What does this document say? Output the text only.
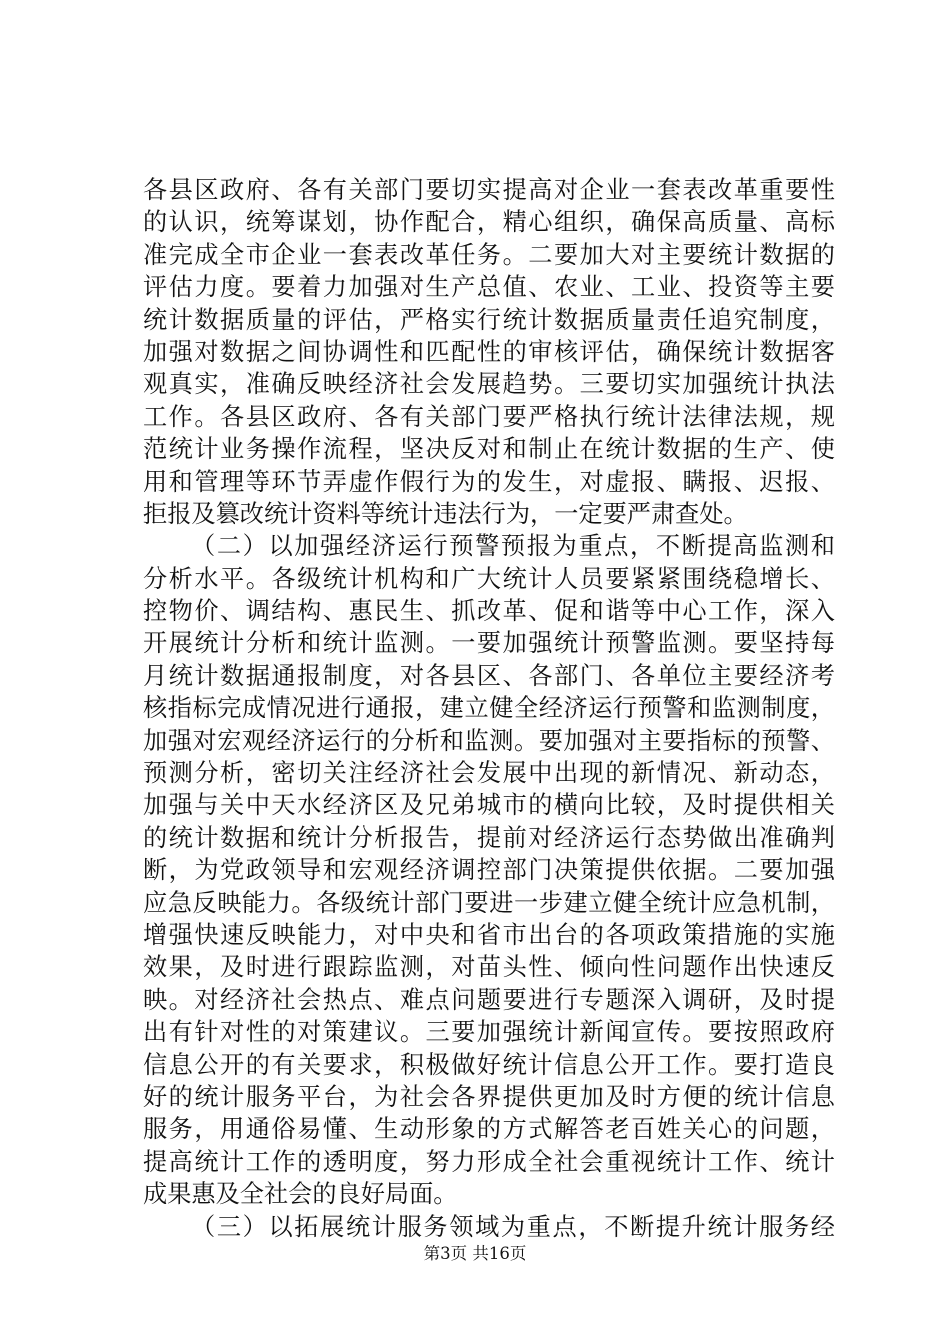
各县区政府、各有关部门要切实提高对企业一套表改革重要性
的认识，统筹谋划，协作配合，精心组织，确保高质量、高标
准完成全市企业一套表改革任务。二要加大对主要统计数据的
评估力度。要着力加强对生产总值、农业、工业、投资等主要
统计数据质量的评估，严格实行统计数据质量责任追究制度，
加强对数据之间协调性和匹配性的审核评估，确保统计数据客
观真实，准确反映经济社会发展趋势。三要切实加强统计执法
工作。各县区政府、各有关部门要严格执行统计法律法规，规
范统计业务操作流程，坚决反对和制止在统计数据的生产、使
用和管理等环节弄虚作假行为的发生，对虚报、瞒报、迟报、
拒报及篡改统计资料等统计违法行为，一定要严肃查处。
（二）以加强经济运行预警预报为重点，不断提高监测和
分析水平。各级统计机构和广大统计人员要紧紧围绕稳增长、
控物价、调结构、惠民生、抓改革、促和谐等中心工作，深入
开展统计分析和统计监测。一要加强统计预警监测。要坚持每
月统计数据通报制度，对各县区、各部门、各单位主要经济考
核指标完成情况进行通报，建立健全经济运行预警和监测制度，
加强对宏观经济运行的分析和监测。要加强对主要指标的预警、
预测分析，密切关注经济社会发展中出现的新情况、新动态，
加强与关中天水经济区及兄弟城市的横向比较，及时提供相关
的统计数据和统计分析报告，提前对经济运行态势做出准确判
断，为党政领导和宏观经济调控部门决策提供依据。二要加强
应急反映能力。各级统计部门要进一步建立健全统计应急机制，
增强快速反映能力，对中央和省市出台的各项政策措施的实施
效果，及时进行跟踪监测，对苗头性、倾向性问题作出快速反
映。对经济社会热点、难点问题要进行专题深入调研，及时提
出有针对性的对策建议。三要加强统计新闻宣传。要按照政府
信息公开的有关要求，积极做好统计信息公开工作。要打造良
好的统计服务平台，为社会各界提供更加及时方便的统计信息
服务，用通俗易懂、生动形象的方式解答老百姓关心的问题，
提高统计工作的透明度，努力形成全社会重视统计工作、统计
成果惠及全社会的良好局面。
（三）以拓展统计服务领域为重点，不断提升统计服务经
第3页 共16页
